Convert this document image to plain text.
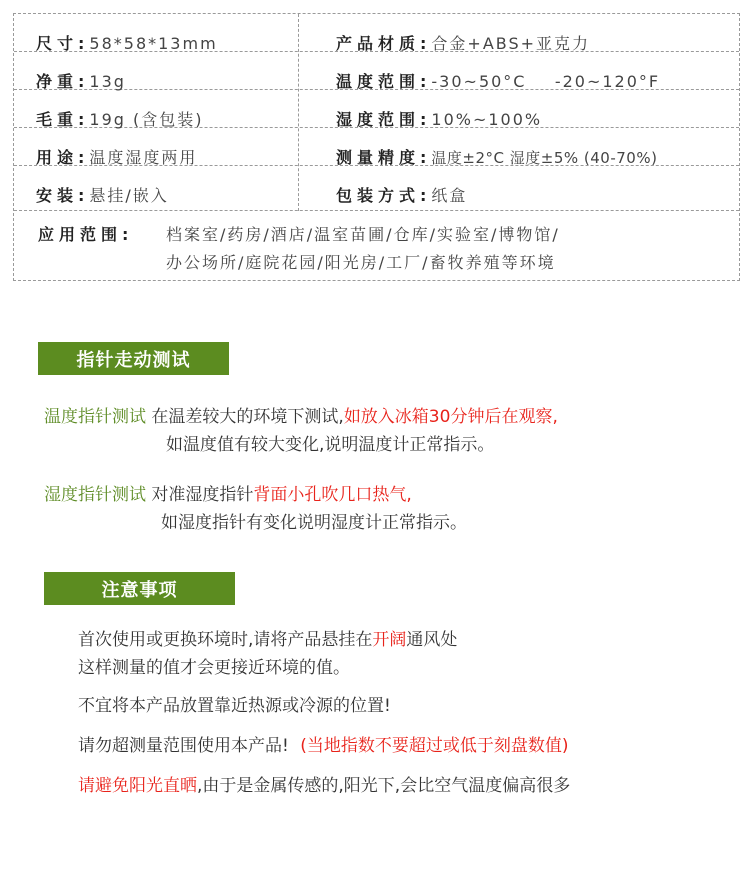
尺寸:58*58*13mm	产品材质:合金+ABS+亚克力
净重:13g	温度范围:-30~50°C    -20~120°F
毛重:19g (含包装)	湿度范围:10%~100%
用途:温度湿度两用	测量精度:温度±2°C 湿度±5% (40-70%)
安装:悬挂/嵌入	包装方式:纸盒
应用范围: 档案室/药房/酒店/温室苗圃/仓库/实验室/博物馆/
办公场所/庭院花园/阳光房/工厂/畜牧养殖等环境
指针走动测试
温度指针测试 在温差较大的环境下测试,如放入冰箱30分钟后在观察,
如温度值有较大变化,说明温度计正常指示。
湿度指针测试 对准湿度指针背面小孔吹几口热气,
如湿度指针有变化说明湿度计正常指示。
注意事项
首次使用或更换环境时,请将产品悬挂在开阔通风处
这样测量的值才会更接近环境的值。
不宜将本产品放置靠近热源或冷源的位置!
请勿超测量范围使用本产品! (当地指数不要超过或低于刻盘数值)
请避免阳光直晒,由于是金属传感的,阳光下,会比空气温度偏高很多
